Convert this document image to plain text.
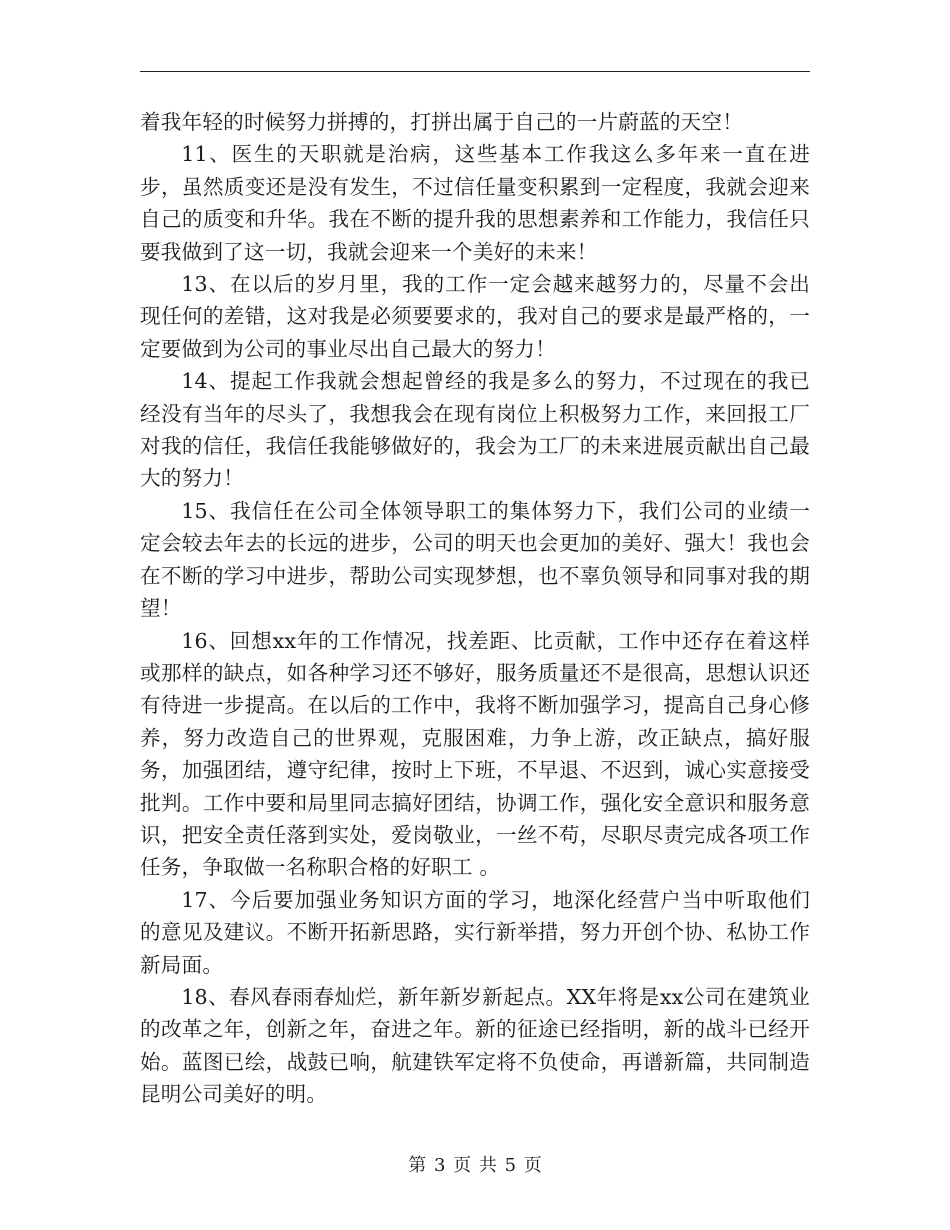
着我年轻的时候努力拼搏的，打拼出属于自己的一片蔚蓝的天空！

11、医生的天职就是治病，这些基本工作我这么多年来一直在进步，虽然质变还是没有发生，不过信任量变积累到一定程度，我就会迎来自己的质变和升华。我在不断的提升我的思想素养和工作能力，我信任只要我做到了这一切，我就会迎来一个美好的未来！

13、在以后的岁月里，我的工作一定会越来越努力的，尽量不会出现任何的差错，这对我是必须要要求的，我对自己的要求是最严格的，一定要做到为公司的事业尽出自己最大的努力！

14、提起工作我就会想起曾经的我是多么的努力，不过现在的我已经没有当年的尽头了，我想我会在现有岗位上积极努力工作，来回报工厂对我的信任，我信任我能够做好的，我会为工厂的未来进展贡献出自己最大的努力！

15、我信任在公司全体领导职工的集体努力下，我们公司的业绩一定会较去年去的长远的进步，公司的明天也会更加的美好、强大！我也会在不断的学习中进步，帮助公司实现梦想，也不辜负领导和同事对我的期望！

16、回想xx年的工作情况，找差距、比贡献，工作中还存在着这样或那样的缺点，如各种学习还不够好，服务质量还不是很高，思想认识还有待进一步提高。在以后的工作中，我将不断加强学习，提高自己身心修养，努力改造自己的世界观，克服困难，力争上游，改正缺点，搞好服务，加强团结，遵守纪律，按时上下班，不早退、不迟到，诚心实意接受批判。工作中要和局里同志搞好团结，协调工作，强化安全意识和服务意识，把安全责任落到实处，爱岗敬业，一丝不苟，尽职尽责完成各项工作任务，争取做一名称职合格的好职工 。

17、今后要加强业务知识方面的学习，地深化经营户当中听取他们的意见及建议。不断开拓新思路，实行新举措，努力开创个协、私协工作新局面。

18、春风春雨春灿烂，新年新岁新起点。XX年将是xx公司在建筑业的改革之年，创新之年，奋进之年。新的征途已经指明，新的战斗已经开始。蓝图已绘，战鼓已响，航建铁军定将不负使命，再谱新篇，共同制造昆明公司美好的明。

第 3 页 共 5 页
